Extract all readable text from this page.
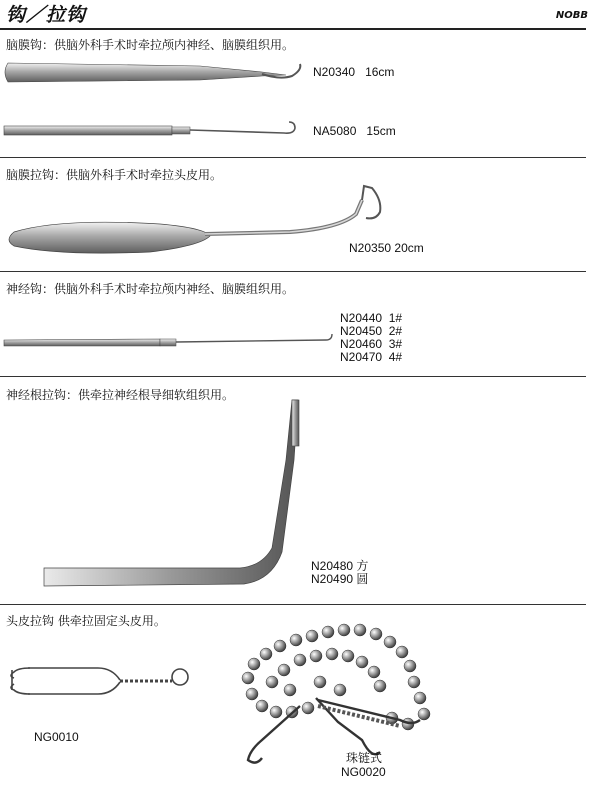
钩／拉钩	NOBB
脑膜钩：供脑外科手术时牵拉颅内神经、脑膜组织用。
N20340 16cm
NA5080 15cm
脑膜拉钩：供脑外科手术时牵拉头皮用。
N20350 20cm
神经钩：供脑外科手术时牵拉颅内神经、脑膜组织用。
N20440 1#
N20450 2#
N20460 3#
N20470 4#
神经根拉钩：供牵拉神经根导细软组织用。
N20480 方
N20490 圆
头皮拉钩 供牵拉固定头皮用。
NG0010
珠链式
NG0020
